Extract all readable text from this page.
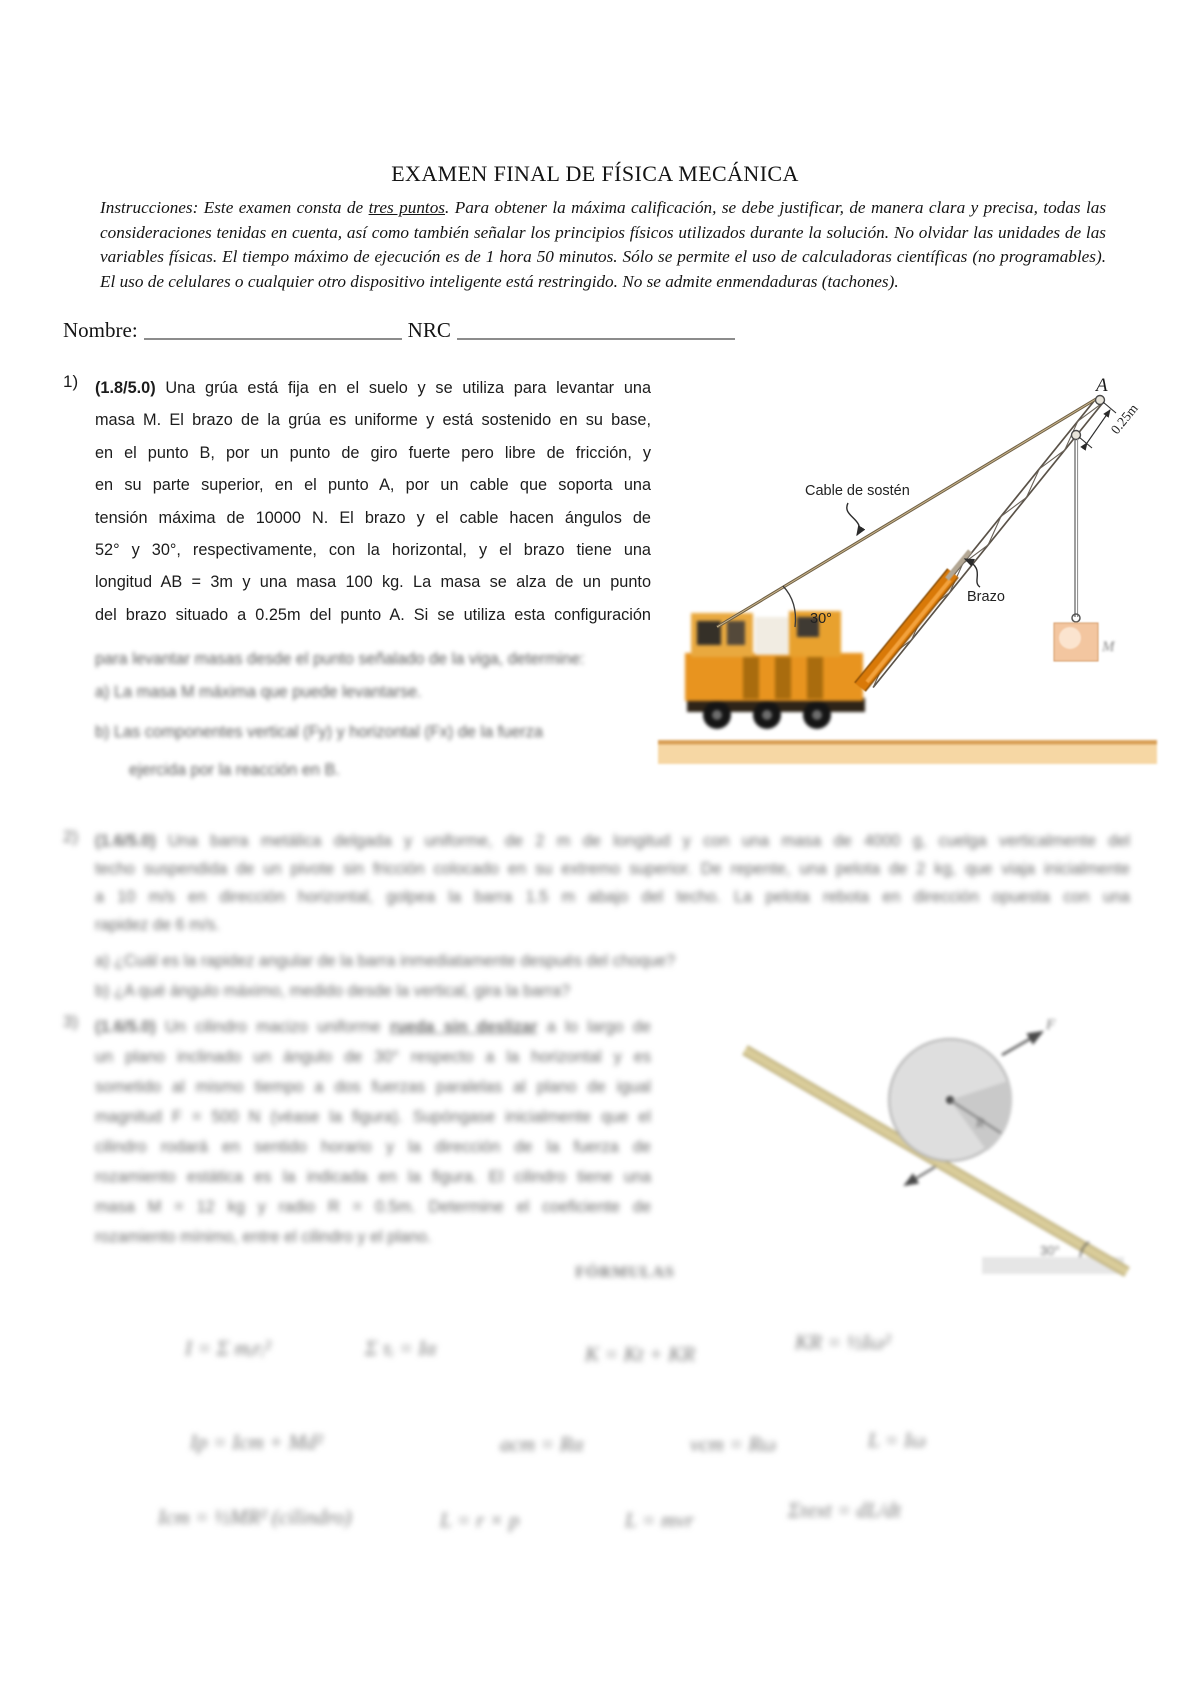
EXAMEN FINAL DE FÍSICA MECÁNICA

Instrucciones: Este examen consta de tres puntos. Para obtener la máxima calificación, se debe justificar, de manera clara y precisa, todas las consideraciones tenidas en cuenta, así como también señalar los principios físicos utilizados durante la solución. No olvidar las unidades de las variables físicas. El tiempo máximo de ejecución es de 1 hora 50 minutos. Sólo se permite el uso de calculadoras científicas (no programables). El uso de celulares o cualquier otro dispositivo inteligente está restringido. No se admite enmendaduras (tachones).

Nombre:	NRC
1) (1.8/5.0) Una grúa está fija en el suelo y se utiliza para levantar una
masa M. El brazo de la grúa es uniforme y está sostenido en su base,
en el punto B, por un punto de giro fuerte pero libre de fricción, y
en su parte superior, en el punto A, por un cable que soporta una
tensión máxima de 10000 N. El brazo y el cable hacen ángulos de
52° y 30°, respectivamente, con la horizontal, y el brazo tiene una
longitud AB = 3m y una masa 100 kg. La masa se alza de un punto
del brazo situado a 0.25m del punto A. Si se utiliza esta configuración
para levantar masas desde el punto señalado de la viga, determine:
a) La masa M máxima que puede levantarse.
b) Las componentes vertical (Fy) y horizontal (Fx) de la fuerza
ejercida por la reacción en B.
30°
0.25m
A
M
Cable de sostén
Brazo
2) (1.6/5.0) Una barra metálica delgada y uniforme, de 2 m de longitud y con una masa de 4000 g, cuelga verticalmente del
techo suspendida de un pivote sin fricción colocado en su extremo superior. De repente, una pelota de 2 kg, que viaja inicialmente
a 10 m/s en dirección horizontal, golpea la barra 1.5 m abajo del techo. La pelota rebota en dirección opuesta con una
rapidez de 6 m/s.
a) ¿Cuál es la rapidez angular de la barra inmediatamente después del choque?
b) ¿A qué ángulo máximo, medido desde la vertical, gira la barra?
3) (1.6/5.0) Un cilindro macizo uniforme rueda sin deslizar a lo largo de
un plano inclinado un ángulo de 30° respecto a la horizontal y es
sometido al mismo tiempo a dos fuerzas paralelas al plano de igual
magnitud F = 500 N (véase la figura). Supóngase inicialmente que el
cilindro rodará en sentido horario y la dirección de la fuerza de
rozamiento estática es la indicada en la figura. El cilindro tiene una
masa M = 12 kg y radio R = 0.5m. Determine el coeficiente de
rozamiento mínimo, entre el cilindro y el plano.
F
R
30°
FÓRMULAS
I = Σ mᵢrᵢ²	Σ τᵢ = Iα	K = Kt + KR	KR = ½Iω²
Ip = Icm + Md²	acm = Rα	vcm = Rω	L = Iω
Icm = ½MR² (cilindro)	L = r × p	L = mvr	Στext = dL/dt
